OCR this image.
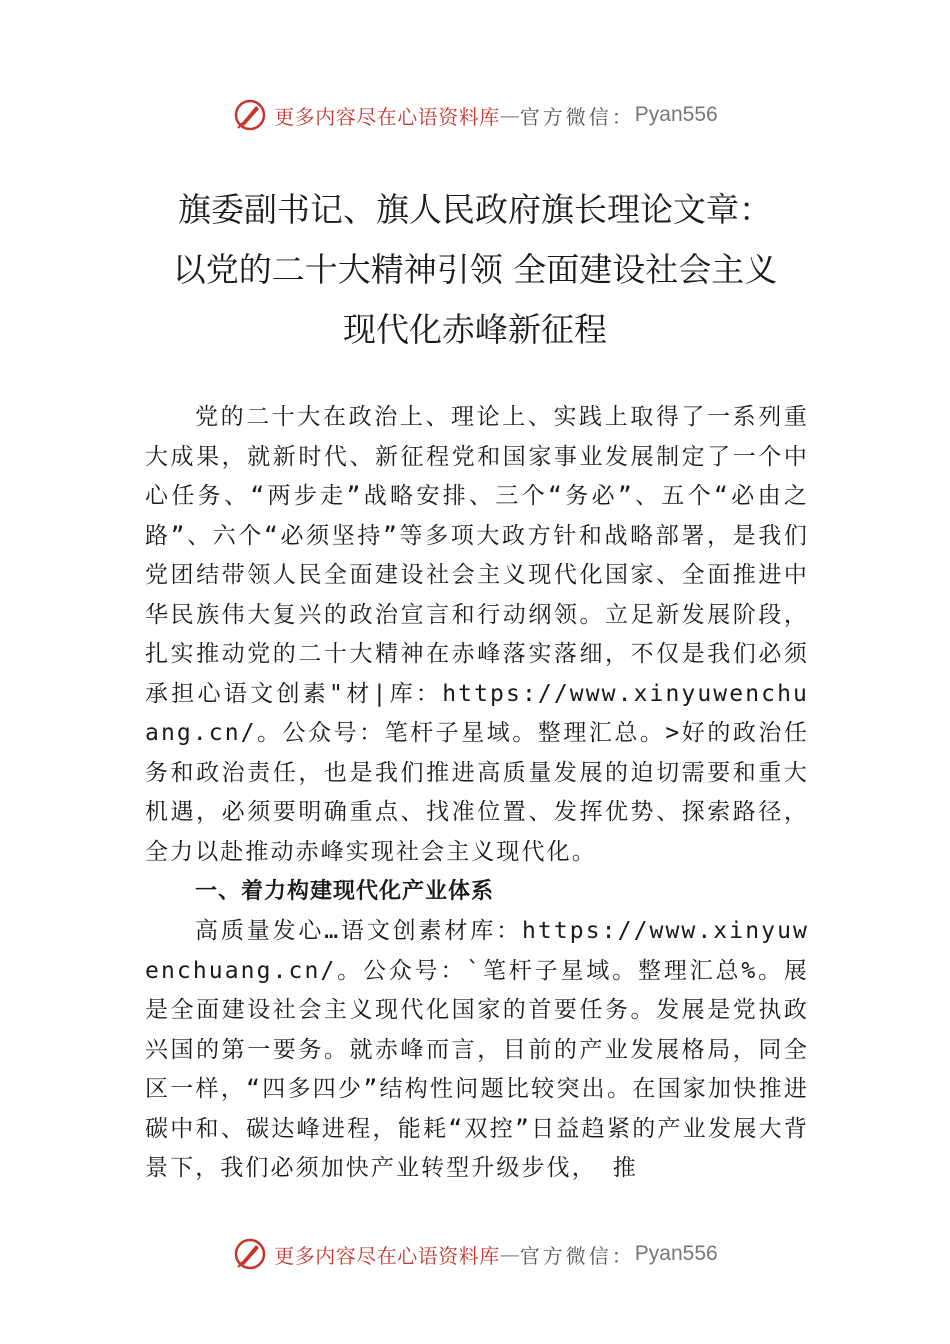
更多内容尽在心语资料库 — 官方微信： Pyan556
旗委副书记、旗人民政府旗长理论文章：
以党的二十大精神引领 全面建设社会主义
现代化赤峰新征程

党的二十大在政治上、理论上、实践上取得了一系列重大成果，就新时代、新征程党和国家事业发展制定了一个中心任务、“两步走”战略安排、三个“务必”、五个“必由之路”、六个“必须坚持”等多项大政方针和战略部署，是我们党团结带领人民全面建设社会主义现代化国家、全面推进中华民族伟大复兴的政治宣言和行动纲领。立足新发展阶段， 扎实推动党的二十大精神在赤峰落实落细，不仅是我们必须承担心语文创素"材|库：https://www.xinyuwenchuang.cn/。公众号：笔杆子星域。整理汇总。>好的政治任务和政治责任，也是我们推进高质量发展的迫切需要和重大机遇，必须要明确重点、找准位置、发挥优势、探索路径，全力以赴推动赤峰实现社会主义现代化。

一、着力构建现代化产业体系

高质量发心…语文创素材库：https://www.xinyuwenchuang.cn/。公众号：`笔杆子星域。整理汇总%。展是全面建设社会主义现代化国家的首要任务。发展是党执政兴国的第一要务。就赤峰而言，目前的产业发展格局，同全区一样，“四多四少”结构性问题比较突出。在国家加快推进碳中和、碳达峰进程，能耗“双控”日益趋紧的产业发展大背景下，我们必须加快产业转型升级步伐， 推

更多内容尽在心语资料库 — 官方微信： Pyan556
